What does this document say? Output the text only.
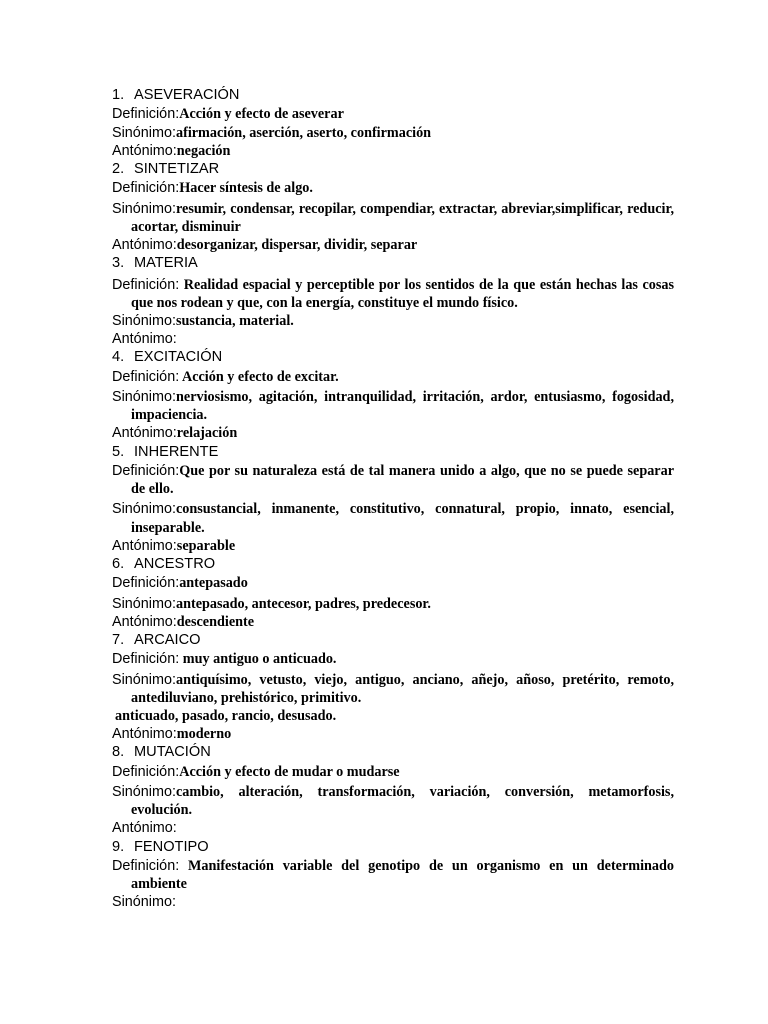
1. ASEVERACIÓN

Definición:Acción y efecto de aseverar

Sinónimo:afirmación, aserción, aserto, confirmación

Antónimo:negación

2. SINTETIZAR

Definición:Hacer síntesis de algo.

Sinónimo:resumir, condensar, recopilar, compendiar, extractar, abreviar,simplificar, reducir, acortar, disminuir

Antónimo:desorganizar, dispersar, dividir, separar

3. MATERIA

Definición: Realidad espacial y perceptible por los sentidos de la que están hechas las cosas que nos rodean y que, con la energía, constituye el mundo físico.

Sinónimo:sustancia, material.

Antónimo:

4. EXCITACIÓN

Definición: Acción y efecto de excitar.

Sinónimo:nerviosismo, agitación, intranquilidad, irritación, ardor, entusiasmo, fogosidad, impaciencia.

Antónimo:relajación

5. INHERENTE

Definición:Que por su naturaleza está de tal manera unido a algo, que no se puede separar de ello.

Sinónimo:consustancial, inmanente, constitutivo, connatural, propio, innato, esencial, inseparable.

Antónimo:separable

6. ANCESTRO

Definición:antepasado

Sinónimo:antepasado, antecesor, padres, predecesor.

Antónimo:descendiente

7. ARCAICO

Definición: muy antiguo o anticuado.

Sinónimo:antiquísimo, vetusto, viejo, antiguo, anciano, añejo, añoso, pretérito, remoto, antediluviano, prehistórico, primitivo.

anticuado, pasado, rancio, desusado.

Antónimo:moderno

8. MUTACIÓN

Definición:Acción y efecto de mudar o mudarse

Sinónimo:cambio, alteración, transformación, variación, conversión, metamorfosis, evolución.

Antónimo:

9. FENOTIPO

Definición: Manifestación variable del genotipo de un organismo en un determinado ambiente

Sinónimo:
